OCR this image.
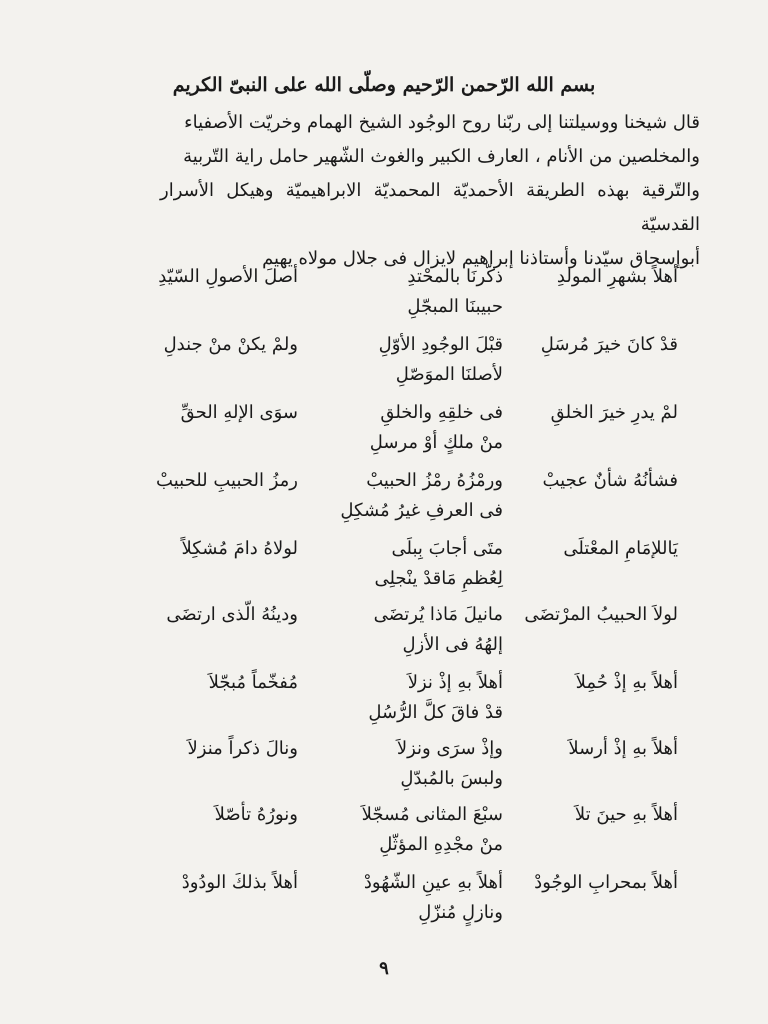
بسم الله الرّحمن الرّحيم وصلّى الله على النبىّ الكريم

قال شيخنا ووسيلتنا إلى ربّنا روح الوجُود الشيخ الهمام وخريّت الأصفياء

والمخلصين من الأنام ، العارف الكبير والغوث الشّهير حامل راية التّربية

والتّرقية بهذه الطريقة الأحمديّة المحمديّة الابراهيميّة وهيكل الأسرار القدسيّة

أبوإسحاق سيّدنا وأستاذنا إبراهيم لايزال فى جلال مولاه يهيم

أهلاً بشهرِ المولدِ
ذكّرنَا بالمحْتدِ
حبيبنَا المبجّلِ
أصلَ الأصولِ السّيّدِ
قدْ كانَ خيرَ مُرسَلِ
قبْلَ الوجُودِ الأوّلِ
لأصلنَا الموَصّلِ
ولمْ يكنْ منْ جندلِ
لمْ يدرِ خيرَ الخلقِ
فى خلقِهِ والخلقِ
منْ ملكٍ أوْ مرسلِ
سوَى الإلهِ الحقِّ
فشأنُهُ شأنٌ عجيبْ
ورمْزُهُ رمْزُ الحبيبْ
فى العرفِ غيرُ مُشكِلِ
رمزُ الحبيبِ للحبيبْ
يَاللإمَامِ المعْتلَى
متَى أجابَ بِبلَى
لِعُظمِ مَاقدْ ينْجلِى
لولاهُ دامَ مُشكِلاً
لولاَ الحبيبُ المرْتضَى
مانيلَ مَاذا يُرتضَى
إلهُهُ فى الأزلِ
ودينُهُ الّذى ارتضَى
أهلاً بهِ إذْ حُمِلاَ
أهلاً بهِ إذْ نزلاَ
قدْ فاقَ كلَّ الرُّسُلِ
مُفخّماً مُبجّلاَ
أهلاً بهِ إذْ أرسلاَ
وإذْ سرَى ونزلاَ
ولبسَ بالمُبدّلِ
ونالَ ذكراً منزلاَ
أهلاً بهِ حينَ تلاَ
سبْعَ المثانى مُسجّلاَ
منْ مجْدِهِ المؤثّلِ
ونورُهُ تأصّلاَ
أهلاً بمحرابِ الوجُودْ
أهلاً بهِ عينِ الشّهُودْ
ونازلٍ مُنزّلِ
أهلاً بذلكَ الودُودْ
٩
